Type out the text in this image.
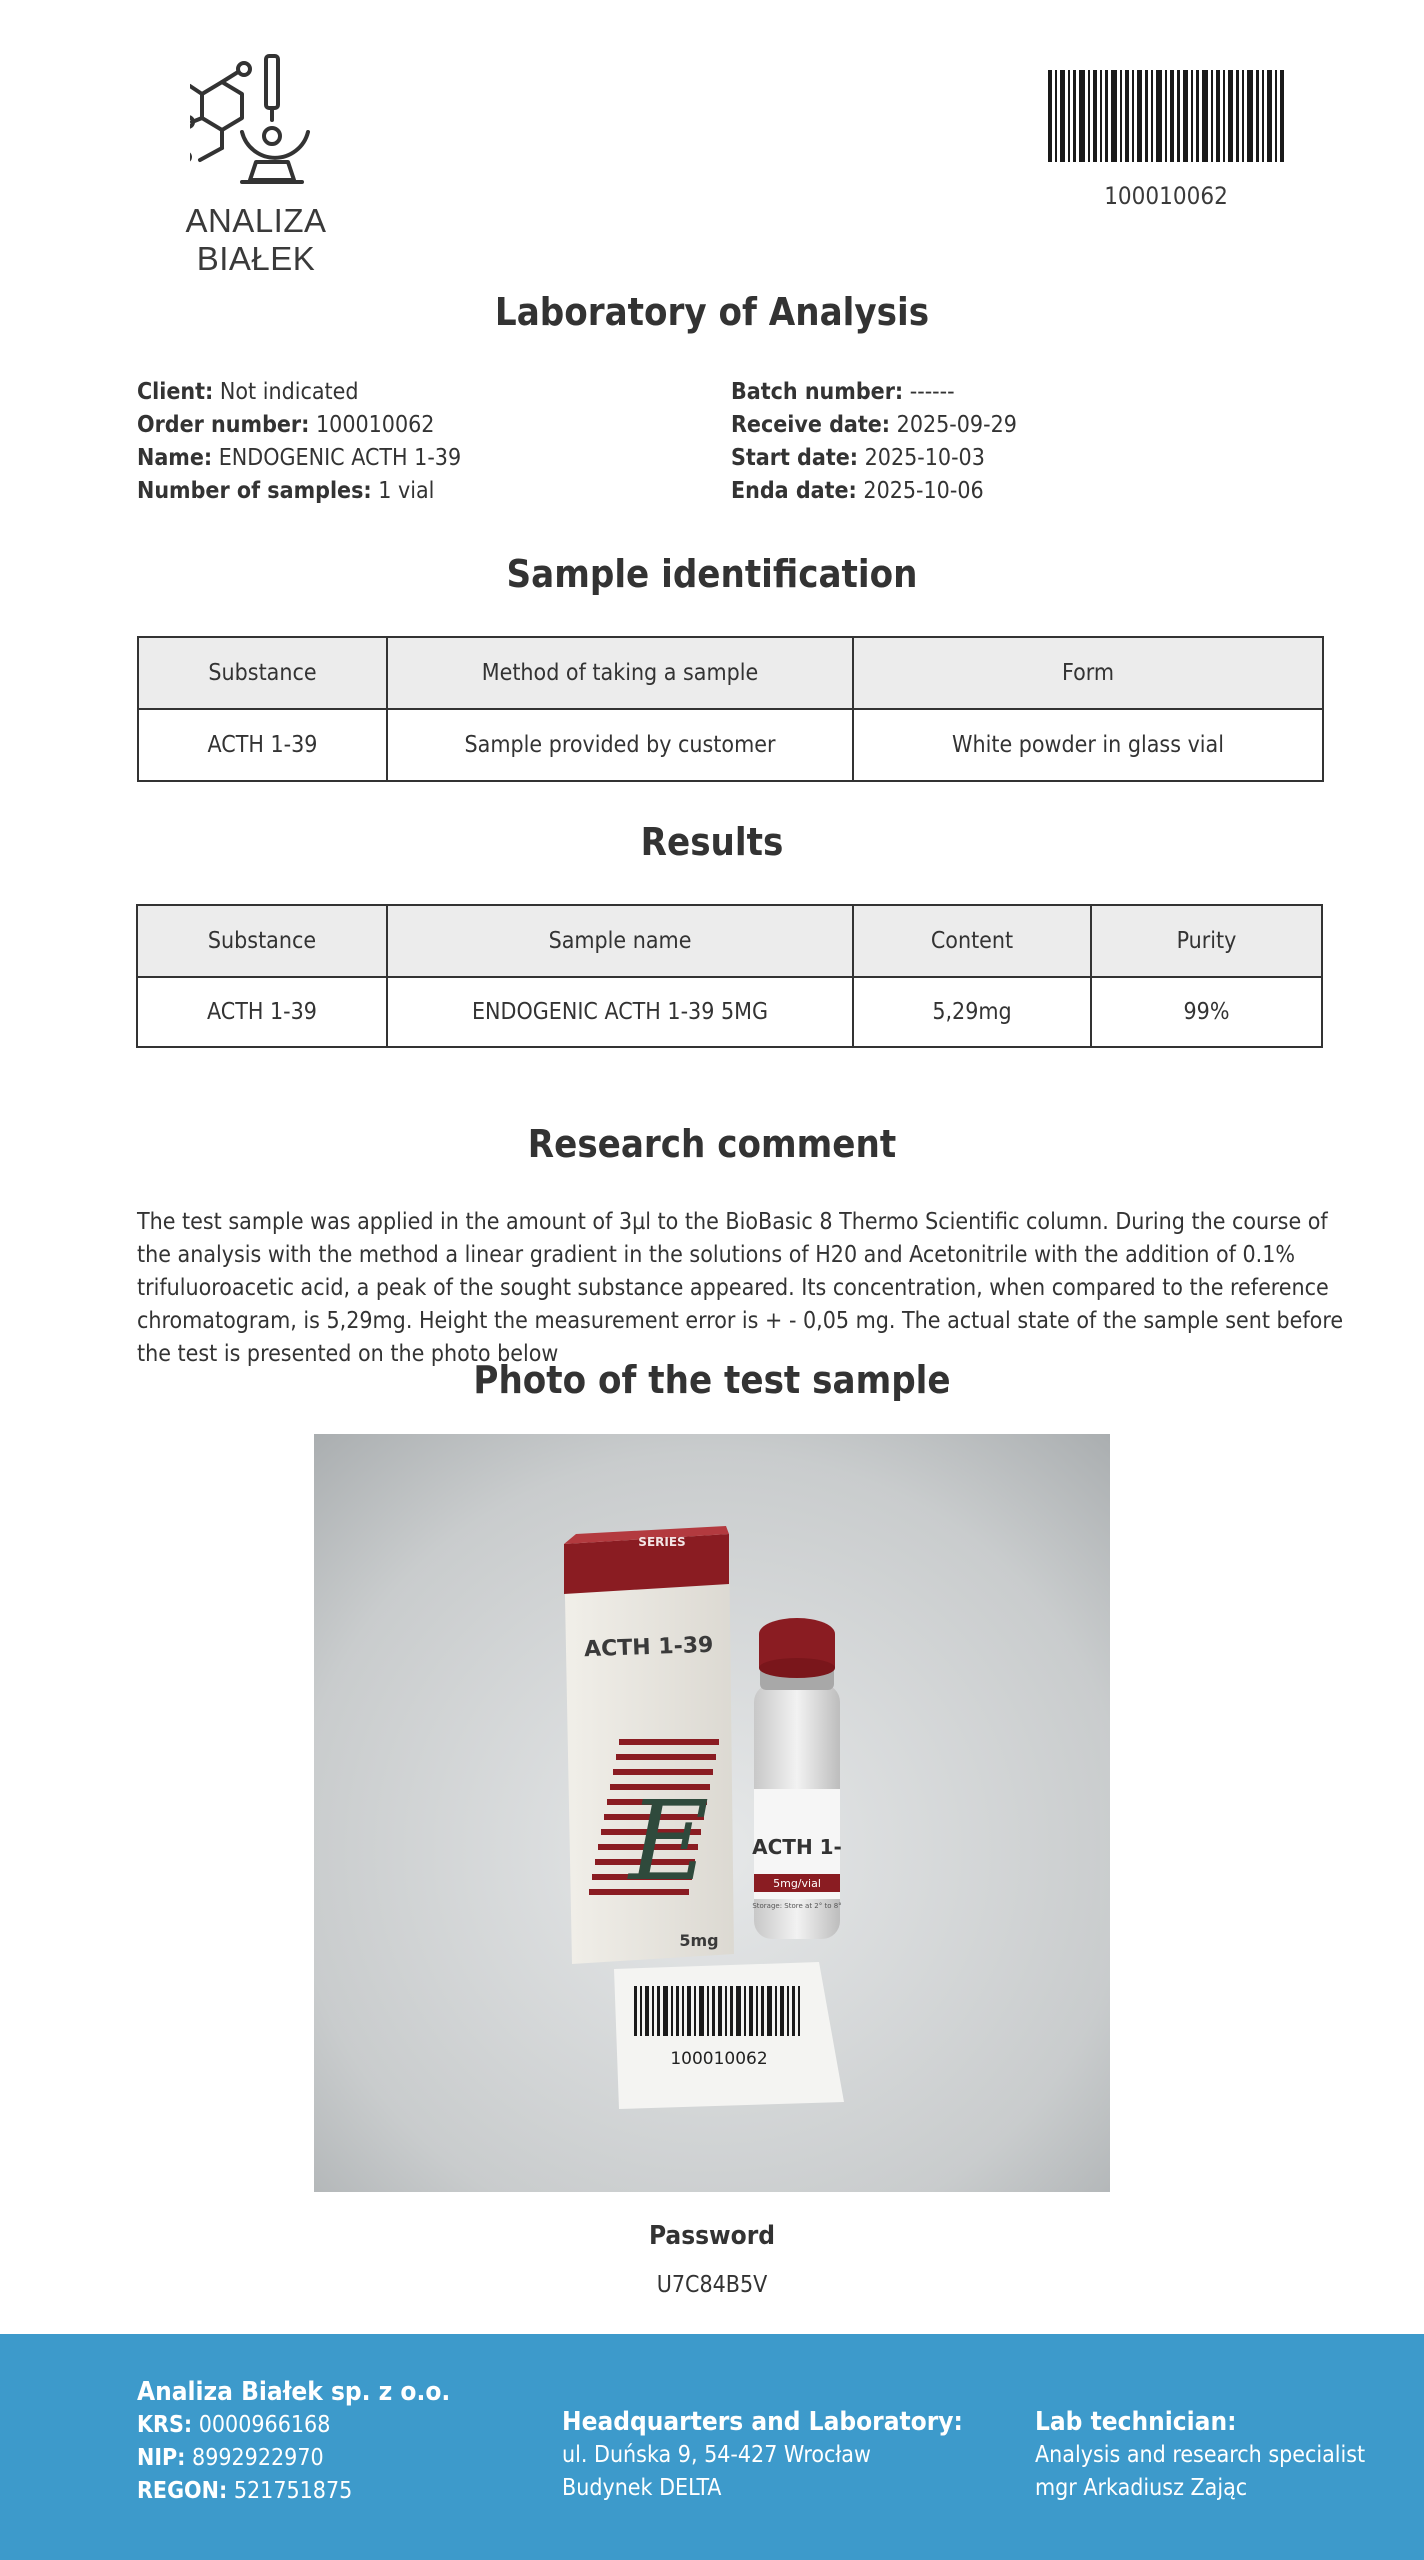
ANALIZA BIAŁEK
100010062
Laboratory of Analysis
Client: Not indicated
Order number: 100010062
Name: ENDOGENIC ACTH 1-39
Number of samples: 1 vial
Batch number: ------
Receive date: 2025-09-29
Start date: 2025-10-03
Enda date: 2025-10-06
Sample identification
Substance	Method of taking a sample	Form
ACTH 1-39	Sample provided by customer	White powder in glass vial
Results
Substance	Sample name	Content	Purity
ACTH 1-39	ENDOGENIC ACTH 1-39 5MG	5,29mg	99%
Research comment
The test sample was applied in the amount of 3µl to the BioBasic 8 Thermo Scientific column. During the course of the analysis with the method a linear gradient in the solutions of H20 and Acetonitrile with the addition of 0.1% trifuluoroacetic acid, a peak of the sought substance appeared. Its concentration, when compared to the reference chromatogram, is 5,29mg. Height the measurement error is + - 0,05 mg. The actual state of the sample sent before the test is presented on the photo below
Photo of the test sample
SERIES
ACTH 1-39
E
5mg
ACTH 1-
5mg/vial
Storage: Store at 2° to 8°
100010062
Password
U7C84B5V
Analiza Białek sp. z o.o.
KRS: 0000966168
NIP: 8992922970
REGON: 521751875
Headquarters and Laboratory:
ul. Duńska 9, 54-427 Wrocław
Budynek DELTA
Lab technician:
Analysis and research specialist
mgr Arkadiusz Zając
